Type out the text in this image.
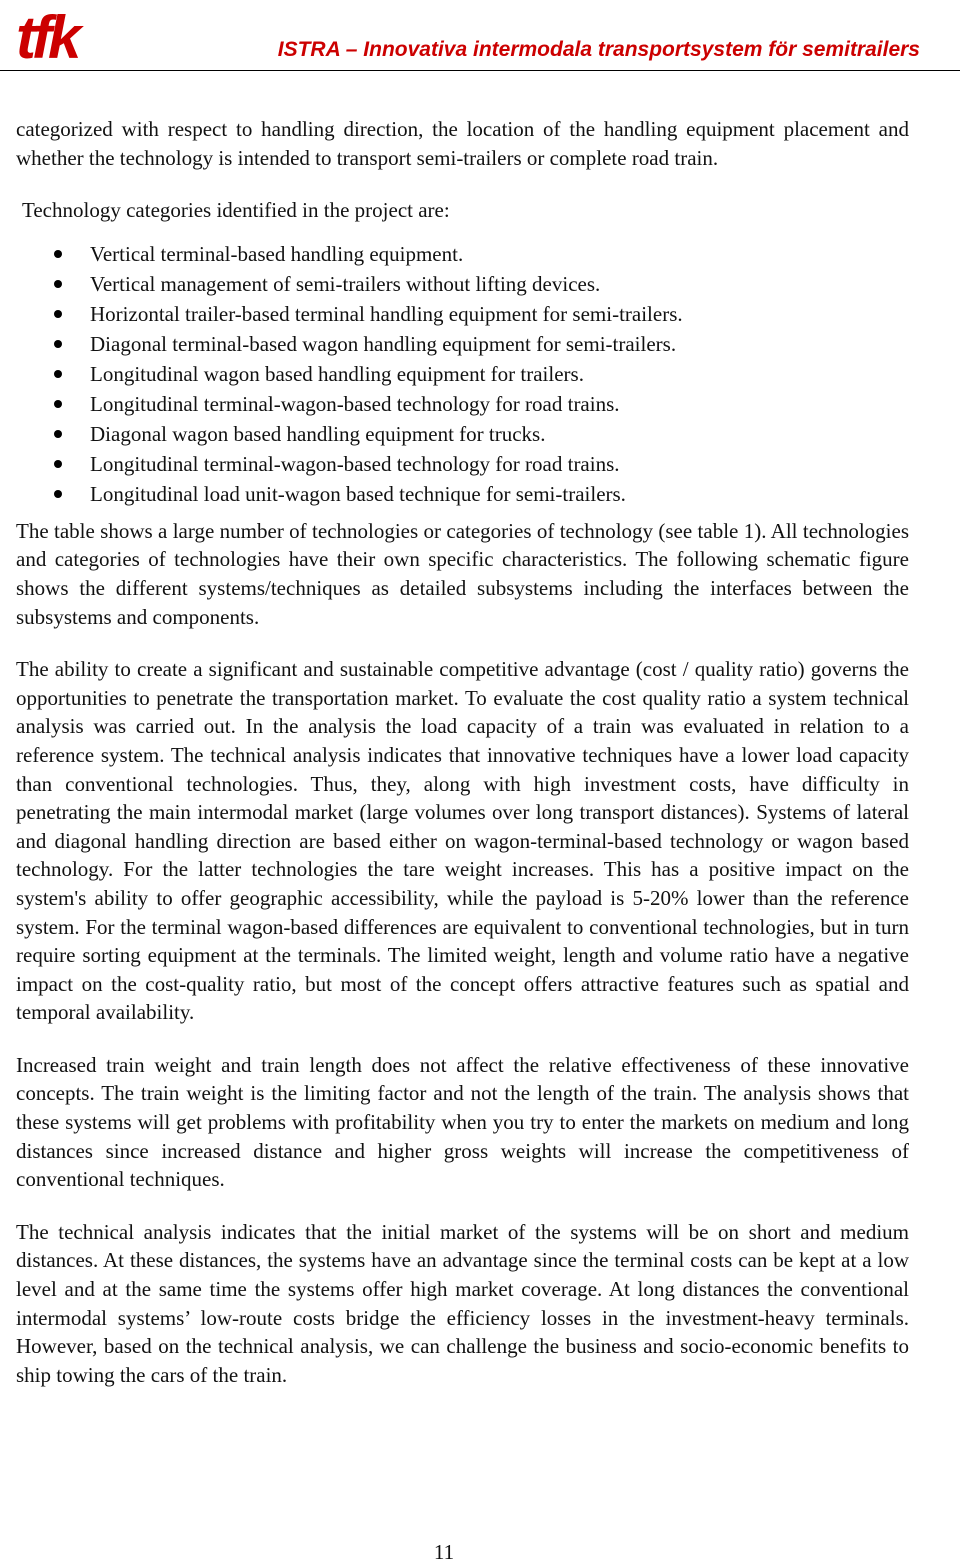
tfk	ISTRA – Innovativa intermodala transportsystem för semitrailers

categorized with respect to handling direction, the location of the handling equipment placement and whether the technology is intended to transport semi-trailers or complete road train.

Technology categories identified in the project are:

Vertical terminal-based handling equipment.
Vertical management of semi-trailers without lifting devices.
Horizontal trailer-based terminal handling equipment for semi-trailers.
Diagonal terminal-based wagon handling equipment for semi-trailers.
Longitudinal wagon based handling equipment for trailers.
Longitudinal terminal-wagon-based technology for road trains.
Diagonal wagon based handling equipment for trucks.
Longitudinal terminal-wagon-based technology for road trains.
Longitudinal load unit-wagon based technique for semi-trailers.

The table shows a large number of technologies or categories of technology (see table 1). All technologies and categories of technologies have their own specific characteristics. The following schematic figure shows the different systems/techniques as detailed subsystems including the interfaces between the subsystems and components.

The ability to create a significant and sustainable competitive advantage (cost / quality ratio) governs the opportunities to penetrate the transportation market. To evaluate the cost quality ratio a system technical analysis was carried out. In the analysis the load capacity of a train was evaluated in relation to a reference system. The technical analysis indicates that innovative techniques have a lower load capacity than conventional technologies. Thus, they, along with high investment costs, have difficulty in penetrating the main intermodal market (large volumes over long transport distances). Systems of lateral and diagonal handling direction are based either on wagon-terminal-based technology or wagon based technology. For the latter technologies the tare weight increases. This has a positive impact on the system's ability to offer geographic accessibility, while the payload is 5-20% lower than the reference system. For the terminal wagon-based differences are equivalent to conventional technologies, but in turn require sorting equipment at the terminals. The limited weight, length and volume ratio have a negative impact on the cost-quality ratio, but most of the concept offers attractive features such as spatial and temporal availability.

Increased train weight and train length does not affect the relative effectiveness of these innovative concepts. The train weight is the limiting factor and not the length of the train. The analysis shows that these systems will get problems with profitability when you try to enter the markets on medium and long distances since increased distance and higher gross weights will increase the competitiveness of conventional techniques.

The technical analysis indicates that the initial market of the systems will be on short and medium distances. At these distances, the systems have an advantage since the terminal costs can be kept at a low level and at the same time the systems offer high market coverage. At long distances the conventional intermodal systems’ low-route costs bridge the efficiency losses in the investment-heavy terminals. However, based on the technical analysis, we can challenge the business and socio-economic benefits to ship towing the cars of the train.

11
